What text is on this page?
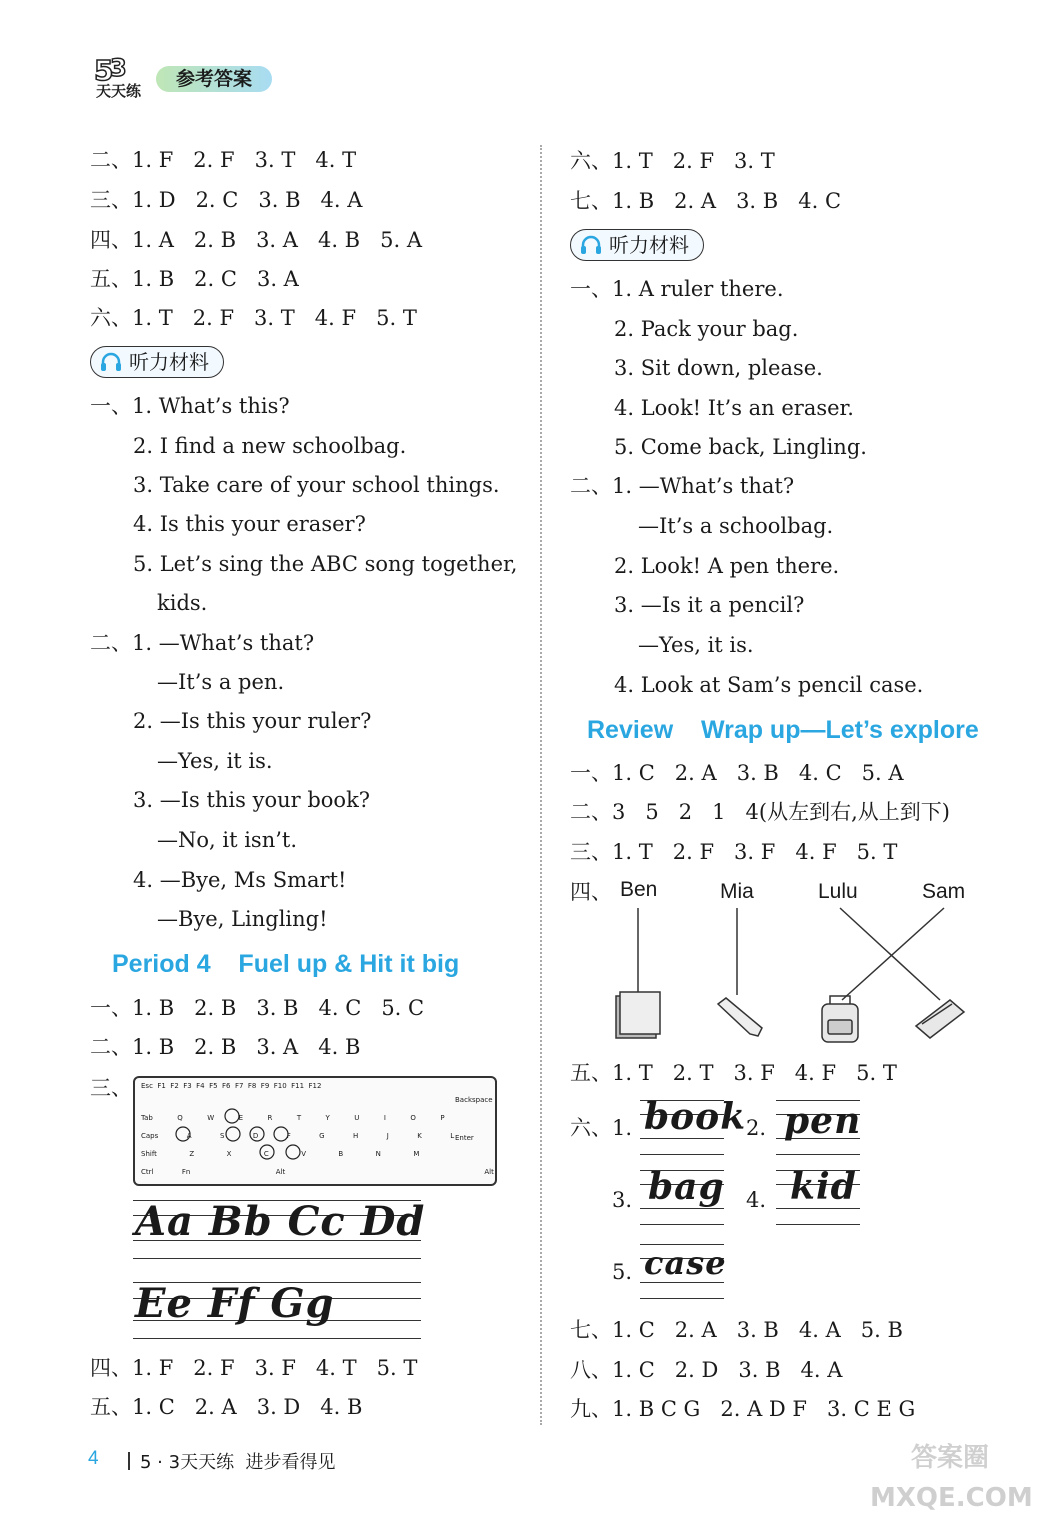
5
3
天天练
参考答案
二、1. F   2. F   3. T   4. T
三、1. D   2. C   3. B   4. A
四、1. A   2. B   3. A   4. B   5. A
五、1. B   2. C   3. A
六、1. T   2. F   3. T   4. F   5. T
听力材料
一、1. What’s this?
2. I find a new schoolbag.
3. Take care of your school things.
4. Is this your eraser?
5. Let’s sing the ABC song together,
kids.
二、1. —What’s that?
—It’s a pen.
2. —Is this your ruler?
—Yes, it is.
3. —Is this your book?
—No, it isn’t.
4. —Bye, Ms Smart!
—Bye, Lingling!
Period 4    Fuel up & Hit it big
一、1. B   2. B   3. B   4. C   5. C
二、1. B   2. B   3. A   4. B
三、 Esc  F1  F2  F3  F4  F5  F6  F7  F8  F9  F10  F11  F12
Backspace
Tab  Q  W  E  R  T  Y  U  I  O  P
Caps  A  S  D  F  G  H  J  K  L Enter
Shift  Z  X  C  V  B  N  M
Ctrl  Fn      Alt              Alt
Aa Bb Cc Dd
Ee Ff Gg
四、1. F   2. F   3. F   4. T   5. T
五、1. C   2. A   3. D   4. B
六、1. T   2. F   3. T
七、1. B   2. A   3. B   4. C
听力材料
一、1. A ruler there.
2. Pack your bag.
3. Sit down, please.
4. Look! It’s an eraser.
5. Come back, Lingling.
二、1. —What’s that?
—It’s a schoolbag.
2. Look! A pen there.
3. —Is it a pencil?
—Yes, it is.
4. Look at Sam’s pencil case.
Review    Wrap up—Let’s explore
一、1. C   2. A   3. B   4. C   5. A
二、3   5   2   1   4(从左到右,从上到下)
三、1. T   2. F   3. F   4. F   5. T
四、 Ben	Mia	Lulu	Sam
五、1. T   2. T   3. F   4. F   5. T
六、1. book 2. pen
3. bag 4. kid
5. case
七、1. C   2. A   3. B   4. A   5. B
八、1. C   2. D   3. B   4. A
九、1. B C G   2. A D F   3. C E G
4 5 · 3天天练  进步看得见	答案圈 MXQE.COM
